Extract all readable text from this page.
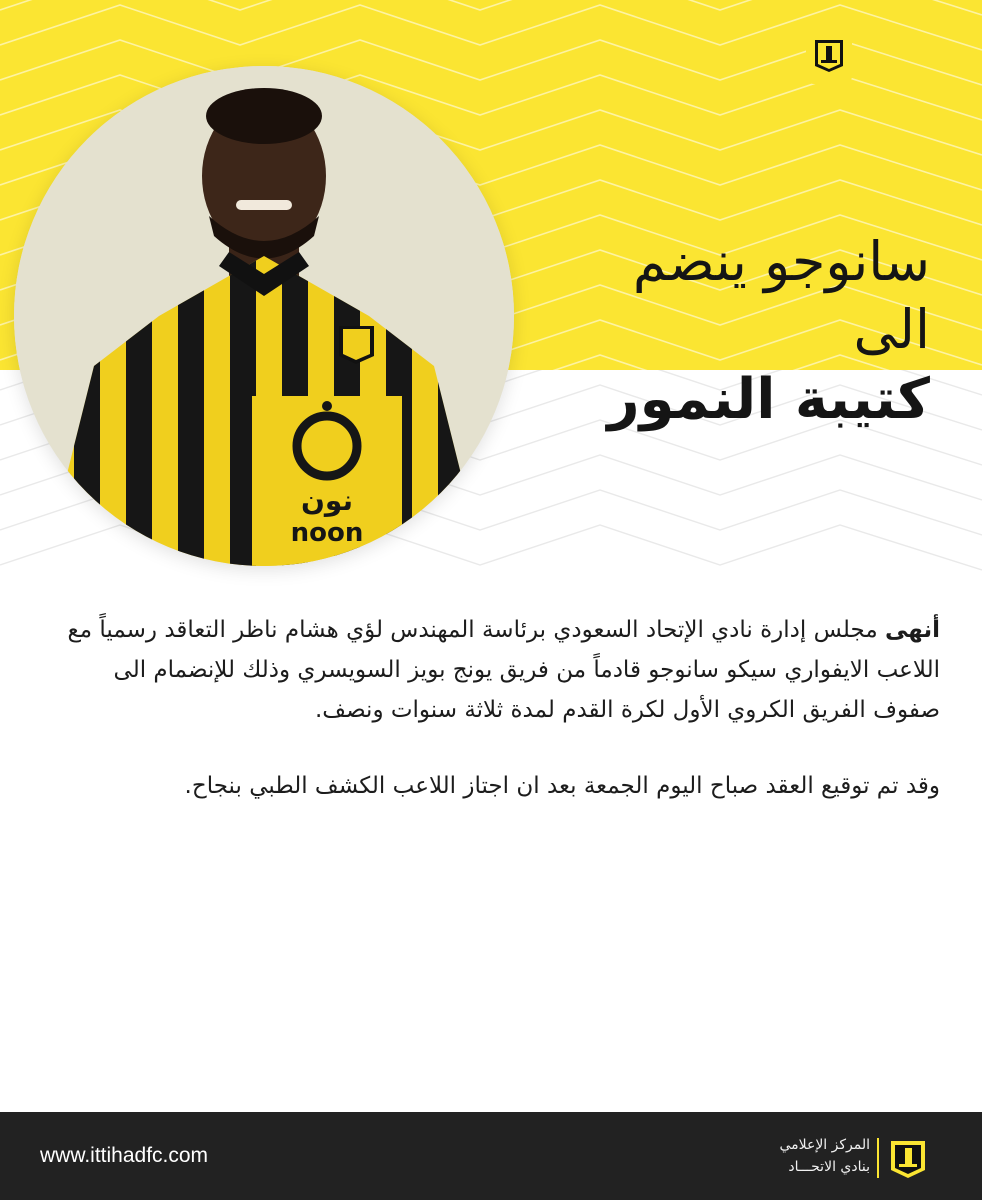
نون
noon
سانوجو ينضم
الى
كتيبة النمور

أنهى مجلس إدارة نادي الإتحاد السعودي برئاسة المهندس لؤي هشام ناظر التعاقد رسمياً مع اللاعب الايفواري سيكو سانوجو قادماً من فريق يونج بويز السويسري وذلك للإنضمام الى صفوف الفريق الكروي الأول لكرة القدم لمدة ثلاثة سنوات ونصف.

وقد تم توقيع العقد صباح اليوم الجمعة بعد ان اجتاز اللاعب الكشف الطبي بنجاح.

www.ittihadfc.com	المركز الإعلامي
بنادي الاتحـــاد
